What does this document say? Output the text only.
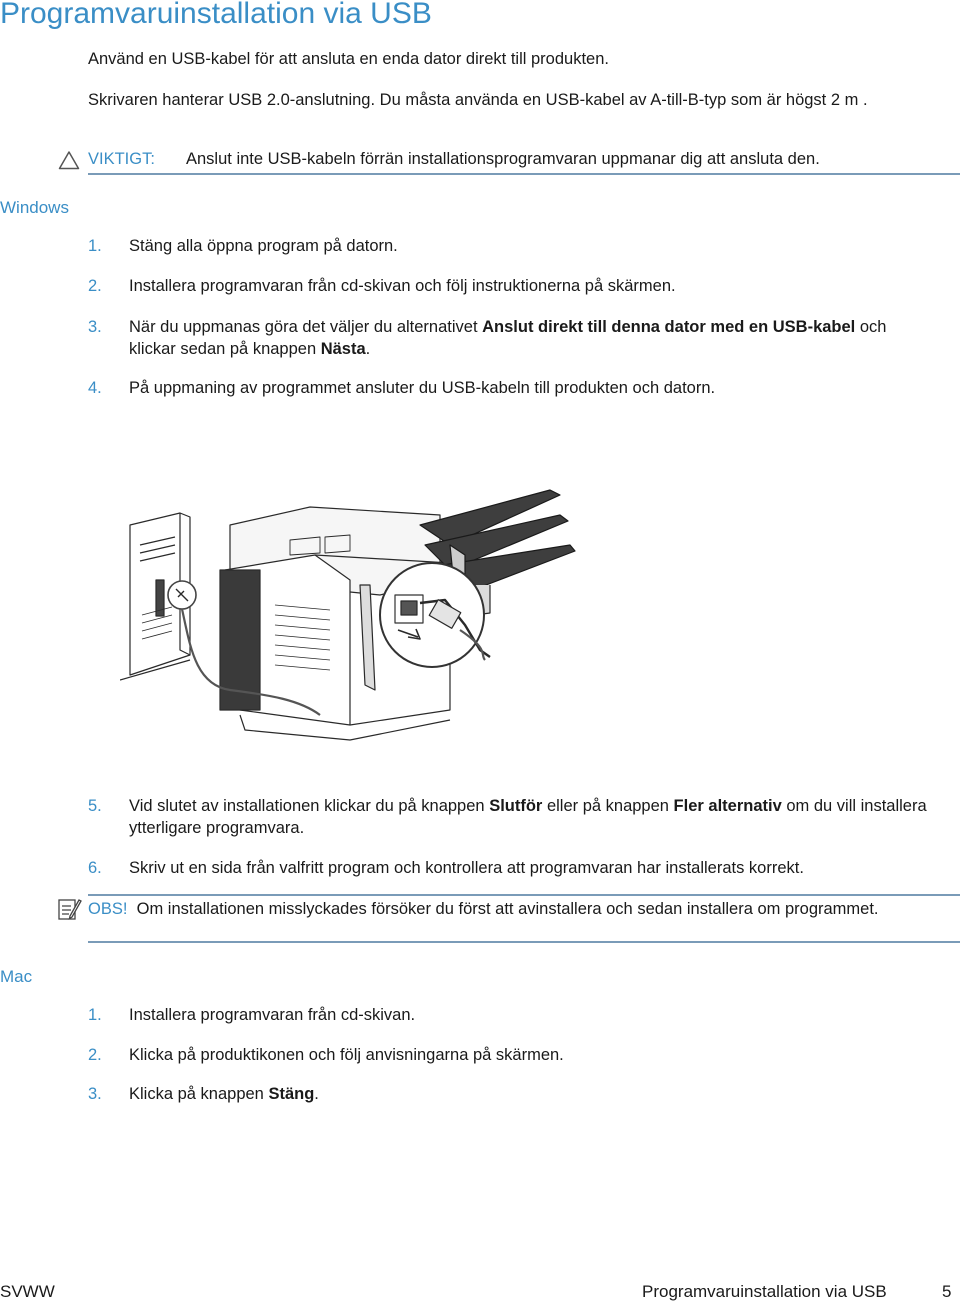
Programvaruinstallation via USB
Använd en USB-kabel för att ansluta en enda dator direkt till produkten.
Skrivaren hanterar USB 2.0-anslutning. Du måsta använda en USB-kabel av A-till-B-typ som är högst 2 m .
VIKTIGT: Anslut inte USB-kabeln förrän installationsprogramvaran uppmanar dig att ansluta den.
Windows
1. Stäng alla öppna program på datorn.
2. Installera programvaran från cd-skivan och följ instruktionerna på skärmen.
3. När du uppmanas göra det väljer du alternativet Anslut direkt till denna dator med en USB-kabel och klickar sedan på knappen Nästa.
4. På uppmaning av programmet ansluter du USB-kabeln till produkten och datorn.
5. Vid slutet av installationen klickar du på knappen Slutför eller på knappen Fler alternativ om du vill installera ytterligare programvara.
6. Skriv ut en sida från valfritt program och kontrollera att programvaran har installerats korrekt.
OBS! Om installationen misslyckades försöker du först att avinstallera och sedan installera om programmet.
Mac
1. Installera programvaran från cd-skivan.
2. Klicka på produktikonen och följ anvisningarna på skärmen.
3. Klicka på knappen Stäng.
SVWW	Programvaruinstallation via USB	5
